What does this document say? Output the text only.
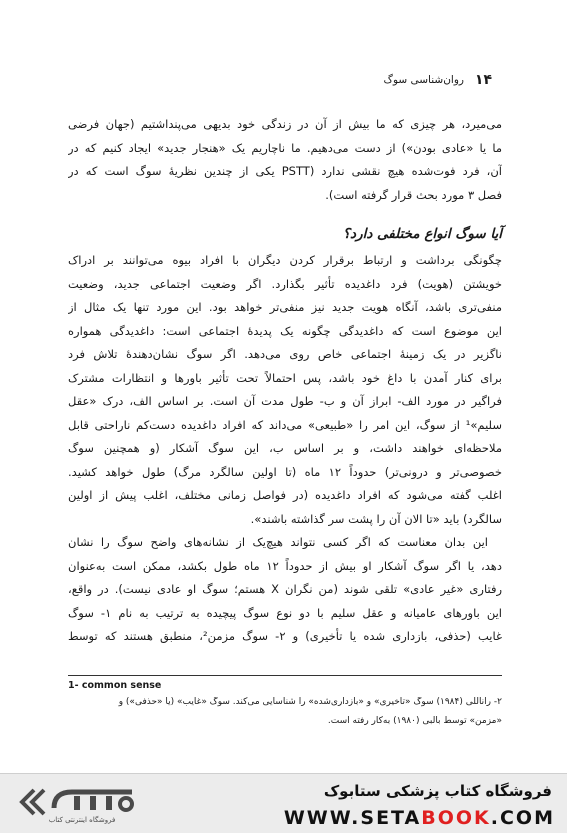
۱۴
روان‌شناسی سوگ
می‌میرد، هر چیزی که ما بیش از آن در زندگی خود بدیهی می‌پنداشتیم (جهان فرضی
ما یا «عادی بودن») از دست می‌دهیم. ما ناچاریم یک «هنجار جدید» ایجاد کنیم که در
آن، فرد فوت‌شده هیچ نقشی ندارد (PSTT یکی از چندین نظریهٔ سوگ است که در
فصل ۳ مورد بحث قرار گرفته است).
آیا سوگ انواع مختلفی دارد؟
چگونگی برداشت و ارتباط برقرار کردن دیگران با افراد بیوه می‌توانند بر ادراک
خویشتن (هویت) فرد داغدیده تأثیر بگذارد. اگر وضعیت اجتماعی جدید، وضعیت
منفی‌تری باشد، آنگاه هویت جدید نیز منفی‌تر خواهد بود. این مورد تنها یک مثال از
این موضوع است که داغدیدگی چگونه یک پدیدهٔ اجتماعی است: داغدیدگی همواره
ناگزیر در یک زمینهٔ اجتماعی خاص روی می‌دهد. اگر سوگ نشان‌دهندهٔ تلاش فرد
برای کنار آمدن با داغ خود باشد، پس احتمالاً تحت تأثیر باورها و انتظارات مشترک
فراگیر در مورد الف- ابراز آن و ب- طول مدت آن است. بر اساس الف، درک «عقل
سلیم»¹ از سوگ، این امر را «طبیعی» می‌داند که افراد داغدیده دست‌کم ناراحتی قابل
ملاحظه‌ای خواهند داشت، و بر اساس ب، این سوگ آشکار (و همچنین سوگ
خصوصی‌تر و درونی‌تر) حدوداً ۱۲ ماه (تا اولین سالگرد مرگ) طول خواهد کشید.
اغلب گفته می‌شود که افراد داغدیده (در فواصل زمانی مختلف، اغلب پیش از اولین
سالگرد) باید «تا الان آن را پشت سر گذاشته باشند».
این بدان معناست که اگر کسی نتواند هیچ‌یک از نشانه‌های واضح سوگ را نشان
دهد، یا اگر سوگ آشکار او بیش از حدوداً ۱۲ ماه طول بکشد، ممکن است به‌عنوان
رفتاری «غیر عادی» تلقی شوند (من نگران X هستم؛ سوگ او عادی نیست). در واقع،
این باورهای عامیانه و عقل سلیم با دو نوع سوگ پیچیده به ترتیب به نام ۱- سوگ
غایب (حذفی، بازداری شده یا تأخیری) و ۲- سوگ مزمن²، منطبق هستند که توسط
1- common sense
۲- راناللی (۱۹۸۴) سوگ «تأخیری» و «بازداری‌شده» را شناسایی می‌کند. سوگ «غایب» (یا «حذفی») و
«مزمن» توسط بالبی (۱۹۸۰) به‌کار رفته است.
فروشگاه اینترنتی کتاب
فروشگاه کتاب پزشکی ستابوک
WWW.SETABOOK.COM
